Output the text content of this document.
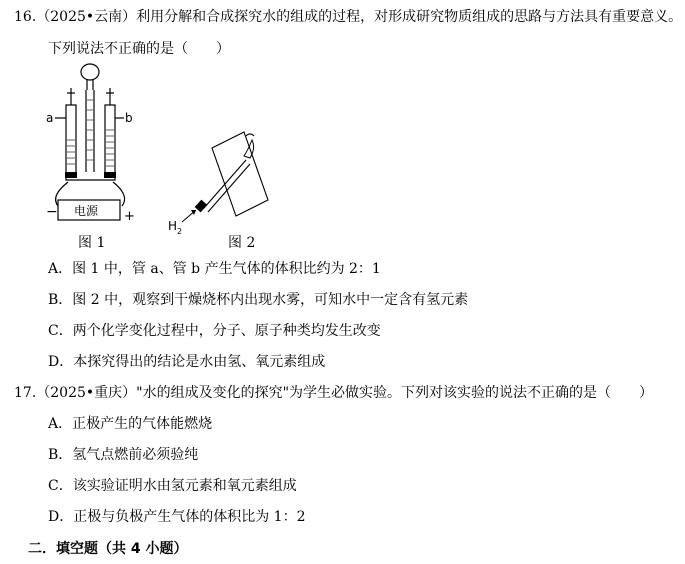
16.（2025•云南）利用分解和合成探究水的组成的过程，对形成研究物质组成的思路与方法具有重要意义。
下列说法不正确的是（　　）
a	b
电源
−	+
图 1
$H_2$
图 2
A．图 1 中，管 a、管 b 产生气体的体积比约为 2：1
B．图 2 中，观察到干燥烧杯内出现水雾，可知水中一定含有氢元素
C．两个化学变化过程中，分子、原子种类均发生改变
D．本探究得出的结论是水由氢、氧元素组成
17.（2025•重庆）"水的组成及变化的探究"为学生必做实验。下列对该实验的说法不正确的是（　　）
A．正极产生的气体能燃烧
B．氢气点燃前必须验纯
C．该实验证明水由氢元素和氧元素组成
D．正极与负极产生气体的体积比为 1：2
二．填空题（共 4 小题）
